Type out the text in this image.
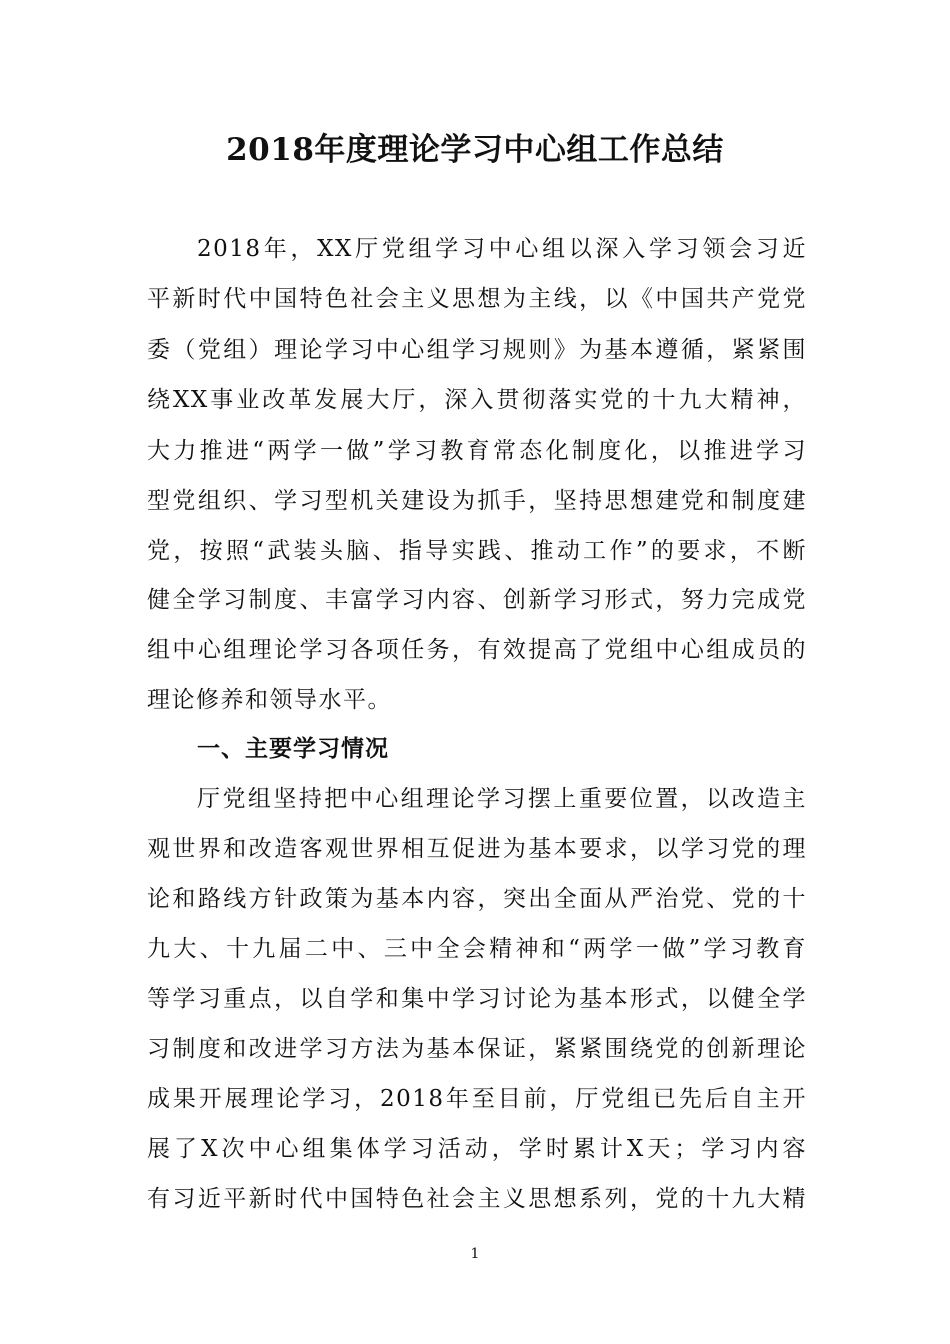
2018年度理论学习中心组工作总结
2018年，XX厅党组学习中心组以深入学习领会习近
平新时代中国特色社会主义思想为主线，以《中国共产党党
委（党组）理论学习中心组学习规则》为基本遵循，紧紧围
绕XX事业改革发展大厅，深入贯彻落实党的十九大精神，
大力推进“两学一做”学习教育常态化制度化，以推进学习
型党组织、学习型机关建设为抓手，坚持思想建党和制度建
党，按照“武装头脑、指导实践、推动工作”的要求，不断
健全学习制度、丰富学习内容、创新学习形式，努力完成党
组中心组理论学习各项任务，有效提高了党组中心组成员的
理论修养和领导水平。
一、主要学习情况
厅党组坚持把中心组理论学习摆上重要位置，以改造主
观世界和改造客观世界相互促进为基本要求，以学习党的理
论和路线方针政策为基本内容，突出全面从严治党、党的十
九大、十九届二中、三中全会精神和“两学一做”学习教育
等学习重点，以自学和集中学习讨论为基本形式，以健全学
习制度和改进学习方法为基本保证，紧紧围绕党的创新理论
成果开展理论学习，2018年至目前，厅党组已先后自主开
展了X次中心组集体学习活动，学时累计X天；学习内容
有习近平新时代中国特色社会主义思想系列，党的十九大精
1
